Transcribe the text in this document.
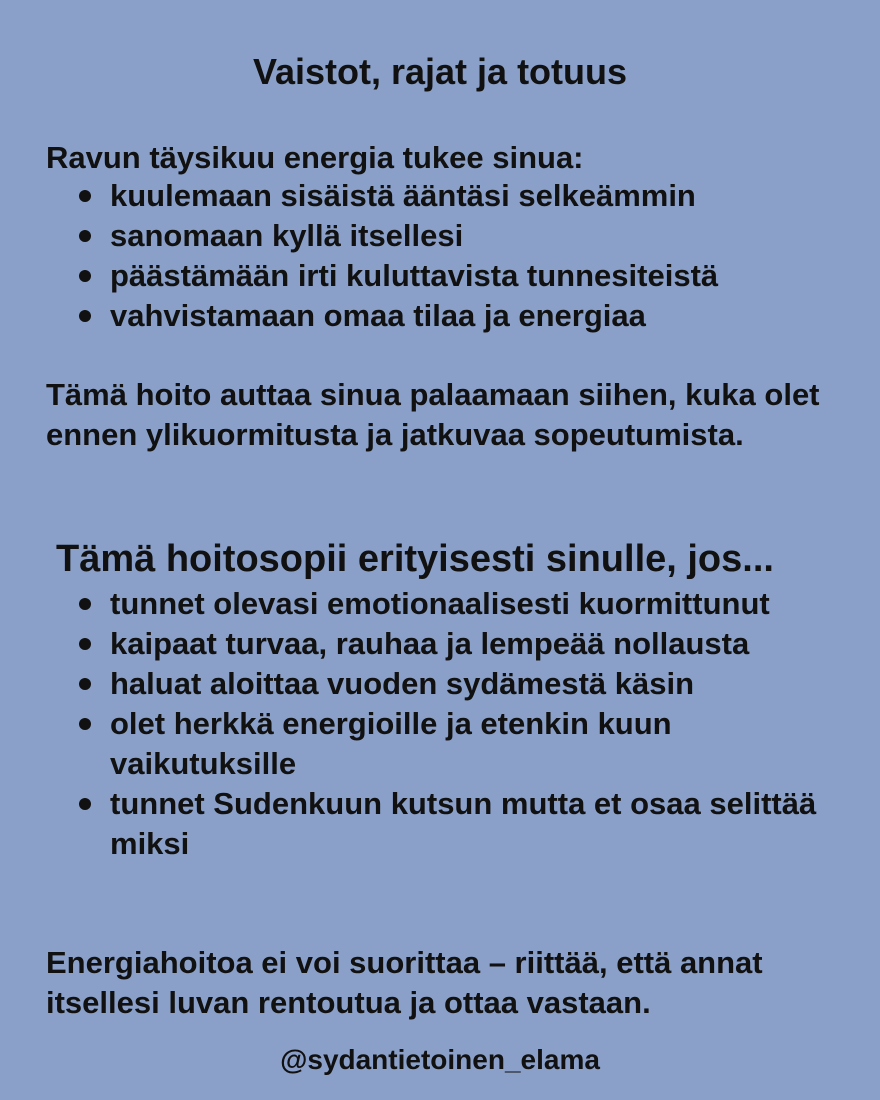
Vaistot, rajat ja totuus

Ravun täysikuu energia tukee sinua:

kuulemaan sisäistä ääntäsi selkeämmin
sanomaan kyllä itsellesi
päästämään irti kuluttavista tunnesiteistä
vahvistamaan omaa tilaa ja energiaa

Tämä hoito auttaa sinua palaamaan siihen, kuka olet ennen ylikuormitusta ja jatkuvaa sopeutumista.

Tämä hoitosopii erityisesti sinulle, jos...
tunnet olevasi emotionaalisesti kuormittunut
kaipaat turvaa, rauhaa ja lempeää nollausta
haluat aloittaa vuoden sydämestä käsin
olet herkkä energioille ja etenkin kuun vaikutuksille
tunnet Sudenkuun kutsun mutta et osaa selittää miksi

Energiahoitoa ei voi suorittaa – riittää, että annat itsellesi luvan rentoutua ja ottaa vastaan.

@sydantietoinen_elama
